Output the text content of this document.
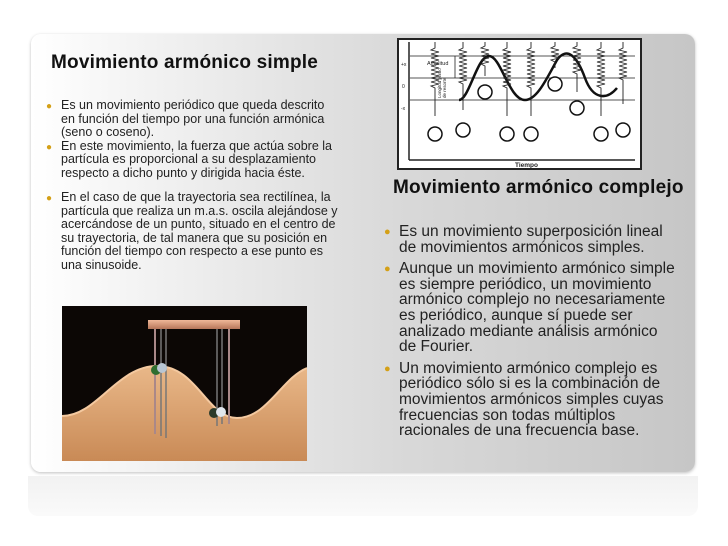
Movimiento armónico simple
● Es un movimiento periódico que queda descrito en función del tiempo por una función armónica (seno o coseno).
● En este movimiento, la fuerza que actúa sobre la partícula es proporcional a su desplazamiento respecto a dicho punto y dirigida hacia éste.
● En el caso de que la trayectoria sea rectilínea, la partícula que realiza un m.a.s. oscila alejándose y acercándose de un punto, situado en el centro de su trayectoria, de tal manera que su posición en función del tiempo con respecto a ese punto es una sinusoide.
+x
0
-x
Amplitud
Longitud primo de resorte
Tiempo
Movimiento armónico complejo
● Es un movimiento superposición lineal de movimientos armónicos simples.
● Aunque un movimiento armónico simple es siempre periódico, un movimiento armónico complejo no necesariamente es periódico, aunque sí puede ser analizado mediante análisis armónico de Fourier.
● Un movimiento armónico complejo es periódico sólo si es la combinación de movimientos armónicos simples cuyas frecuencias son todas múltiplos racionales de una frecuencia base.
